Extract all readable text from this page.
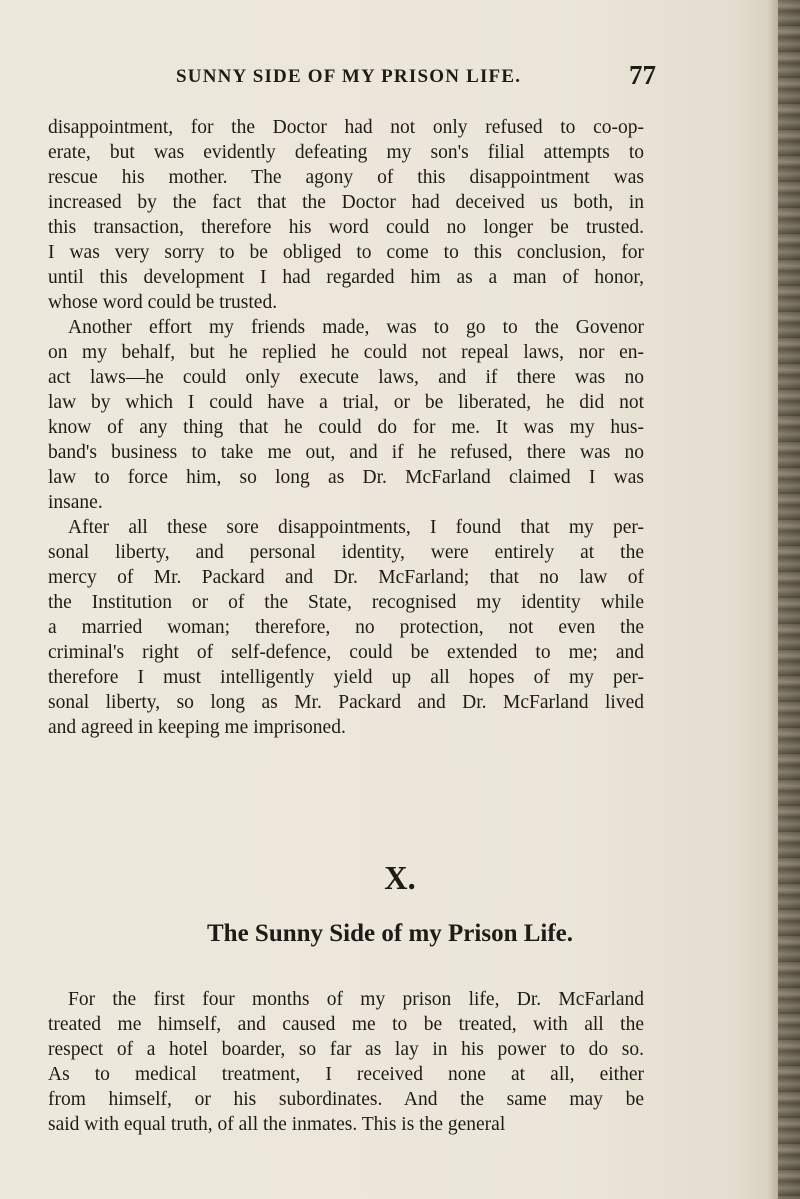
SUNNY SIDE OF MY PRISON LIFE.	77
disappointment, for the Doctor had not only refused to co-op-
erate, but was evidently defeating my son's filial attempts to
rescue his mother. The agony of this disappointment was
increased by the fact that the Doctor had deceived us both, in
this transaction, therefore his word could no longer be trusted.
I was very sorry to be obliged to come to this conclusion, for
until this development I had regarded him as a man of honor,
whose word could be trusted.
Another effort my friends made, was to go to the Govenor
on my behalf, but he replied he could not repeal laws, nor en-
act laws—he could only execute laws, and if there was no
law by which I could have a trial, or be liberated, he did not
know of any thing that he could do for me. It was my hus-
band's business to take me out, and if he refused, there was no
law to force him, so long as Dr. McFarland claimed I was
insane.
After all these sore disappointments, I found that my per-
sonal liberty, and personal identity, were entirely at the
mercy of Mr. Packard and Dr. McFarland; that no law of
the Institution or of the State, recognised my identity while
a married woman; therefore, no protection, not even the
criminal's right of self-defence, could be extended to me; and
therefore I must intelligently yield up all hopes of my per-
sonal liberty, so long as Mr. Packard and Dr. McFarland lived
and agreed in keeping me imprisoned.
X.
The Sunny Side of my Prison Life.
For the first four months of my prison life, Dr. McFarland
treated me himself, and caused me to be treated, with all the
respect of a hotel boarder, so far as lay in his power to do so.
As to medical treatment, I received none at all, either
from himself, or his subordinates. And the same may be
said with equal truth, of all the inmates. This is the general
